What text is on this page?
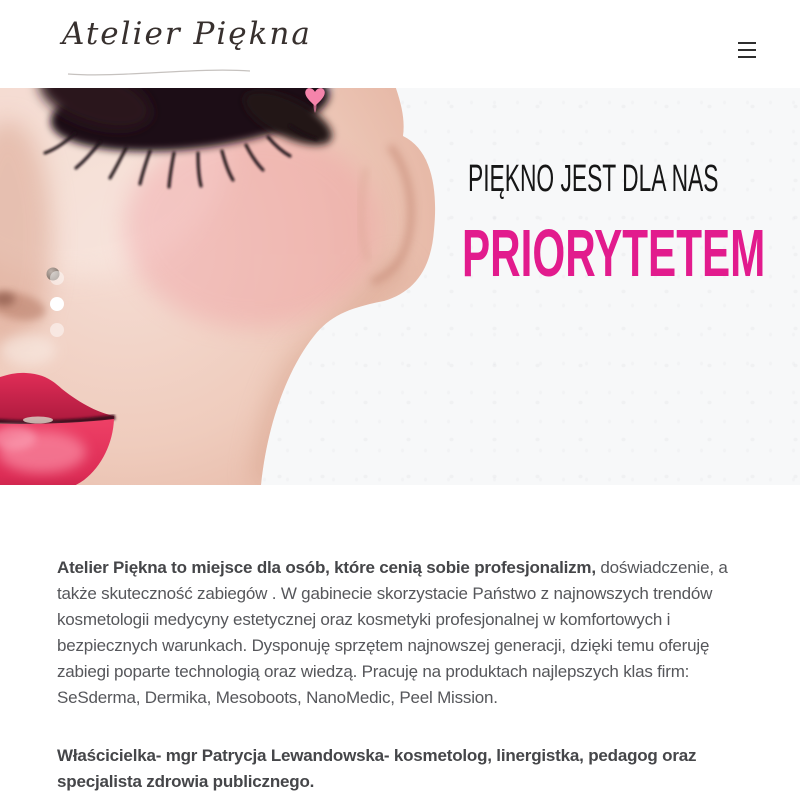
Atelier Piękna
PIĘKNO JEST DLA NAS
PRIORYTETEM

Atelier Piękna to miejsce dla osób, które cenią sobie profesjonalizm, doświadczenie, a także skuteczność zabiegów . W gabinecie skorzystacie Państwo z najnowszych trendów kosmetologii medycyny estetycznej oraz kosmetyki profesjonalnej w komfortowych i bezpiecznych warunkach. Dysponuję sprzętem najnowszej generacji, dzięki temu oferuję zabiegi poparte technologią oraz wiedzą. Pracuję na produktach najlepszych klas firm: SeSderma, Dermika, Mesoboots, NanoMedic, Peel Mission.

Właścicielka- mgr Patrycja Lewandowska- kosmetolog, linergistka, pedagog oraz specjalista zdrowia publicznego.
